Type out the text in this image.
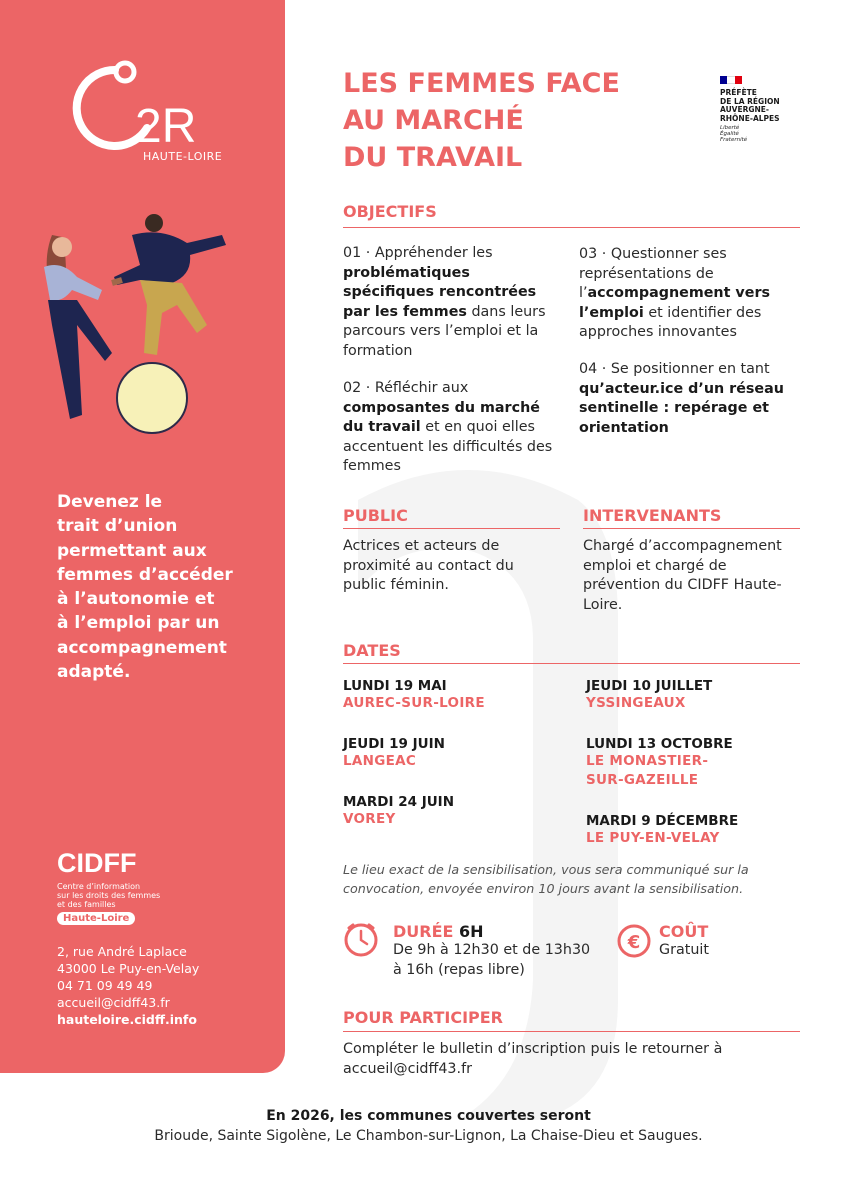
2R
HAUTE-LOIRE
Devenez le
trait d’union
permettant aux
femmes d’accéder
à l’autonomie et
à l’emploi par un
accompagnement
adapté.
CIDFF
Centre d’information
sur les droits des femmes
et des familles
Haute-Loire
2, rue André Laplace
43000 Le Puy-en-Velay
04 71 09 49 49
accueil@cidff43.fr
hauteloire.cidff.info
LES FEMMES FACE
AU MARCHÉ
DU TRAVAIL
PRÉFÈTE
DE LA RÉGION
AUVERGNE-
RHÔNE-ALPES
Liberté
Égalité
Fraternité
OBJECTIFS
01 · Appréhender les problématiques spécifiques rencontrées par les femmes dans leurs parcours vers l’emploi et la formation
02 · Réfléchir aux composantes du marché du travail et en quoi elles accentuent les difficultés des femmes
03 · Questionner ses représentations de l’accompagnement vers l’emploi et identifier des approches innovantes
04 · Se positionner en tant qu’acteur.ice d’un réseau sentinelle : repérage et orientation
PUBLIC
Actrices et acteurs de proximité au contact du public féminin.
INTERVENANTS
Chargé d’accompagnement emploi et chargé de prévention du CIDFF Haute-Loire.
DATES
LUNDI 19 MAI
AUREC-SUR-LOIRE
JEUDI 19 JUIN
LANGEAC
MARDI 24 JUIN
VOREY
JEUDI 10 JUILLET
YSSINGEAUX
LUNDI 13 OCTOBRE
LE MONASTIER-
SUR-GAZEILLE
MARDI 9 DÉCEMBRE
LE PUY-EN-VELAY
Le lieu exact de la sensibilisation, vous sera communiqué sur la convocation, envoyée environ 10 jours avant la sensibilisation.
DURÉE 6H
De 9h à 12h30 et de 13h30 à 16h (repas libre)
€
COÛT
Gratuit
POUR PARTICIPER
Compléter le bulletin d’inscription puis le retourner à accueil@cidff43.fr
En 2026, les communes couvertes seront
Brioude, Sainte Sigolène, Le Chambon-sur-Lignon, La Chaise-Dieu et Saugues.
